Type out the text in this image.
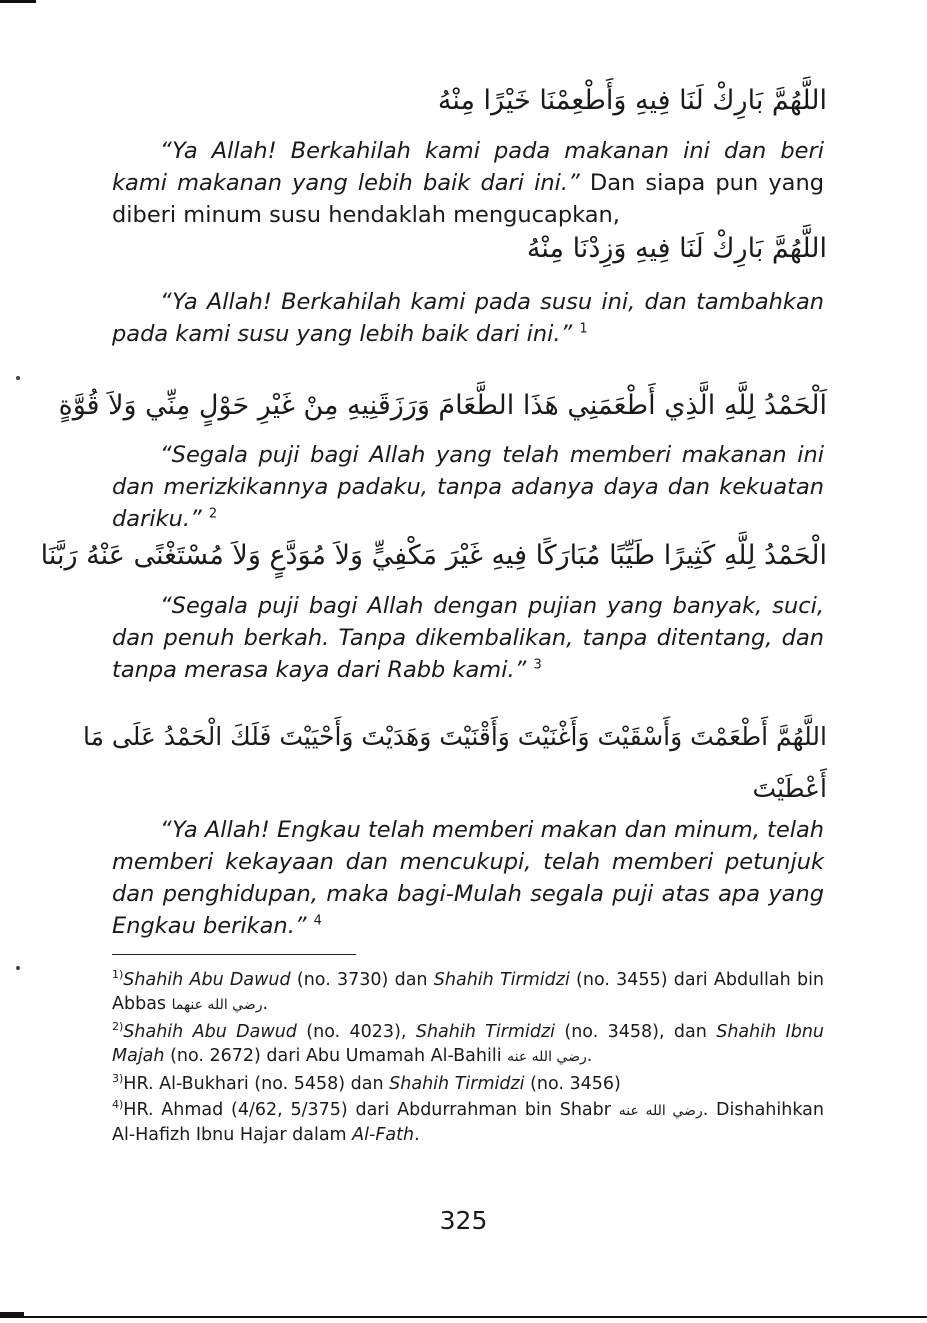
اللَّهُمَّ بَارِكْ لَنَا فِيهِ وَأَطْعِمْنَا خَيْرًا مِنْهُ
“Ya Allah! Berkahilah kami pada makanan ini dan beri kami makanan yang lebih baik dari ini.” Dan siapa pun yang diberi minum susu hendaklah mengucapkan,
اللَّهُمَّ بَارِكْ لَنَا فِيهِ وَزِدْنَا مِنْهُ
“Ya Allah! Berkahilah kami pada susu ini, dan tambahkan pada kami susu yang lebih baik dari ini.” $^1$
اَلْحَمْدُ لِلَّهِ الَّذِي أَطْعَمَنِي هَذَا الطَّعَامَ وَرَزَقَنِيهِ مِنْ غَيْرِ حَوْلٍ مِنِّي وَلاَ قُوَّةٍ
“Segala puji bagi Allah yang telah memberi makanan ini dan merizkikannya padaku, tanpa adanya daya dan kekuatan dariku.” $^2$
الْحَمْدُ لِلَّهِ كَثِيرًا طَيِّبًا مُبَارَكًا فِيهِ غَيْرَ مَكْفِيٍّ وَلاَ مُوَدَّعٍ وَلاَ مُسْتَغْنًى عَنْهُ رَبَّنَا
“Segala puji bagi Allah dengan pujian yang banyak, suci, dan penuh berkah. Tanpa dikembalikan, tanpa ditentang, dan tanpa merasa kaya dari Rabb kami.” $^3$
اللَّهُمَّ أَطْعَمْتَ وَأَسْقَيْتَ وَأَغْنَيْتَ وَأَقْنَيْتَ وَهَدَيْتَ وَأَحْيَيْتَ فَلَكَ الْحَمْدُ عَلَى مَا
أَعْطَيْتَ
“Ya Allah! Engkau telah memberi makan dan minum, telah memberi kekayaan dan mencukupi, telah memberi petunjuk dan penghidupan, maka bagi-Mulah segala puji atas apa yang Engkau berikan.” $^4$
$^{1)}$Shahih Abu Dawud (no. 3730) dan Shahih Tirmidzi (no. 3455) dari Abdullah bin Abbas رضي الله عنهما.
$^{2)}$Shahih Abu Dawud (no. 4023), Shahih Tirmidzi (no. 3458), dan Shahih Ibnu Majah (no. 2672) dari Abu Umamah Al-Bahili رضي الله عنه.
$^{3)}$HR. Al-Bukhari (no. 5458) dan Shahih Tirmidzi (no. 3456)
$^{4)}$HR. Ahmad (4/62, 5/375) dari Abdurrahman bin Shabr رضي الله عنه. Dishahihkan Al-Hafizh Ibnu Hajar dalam Al-Fath.
325
